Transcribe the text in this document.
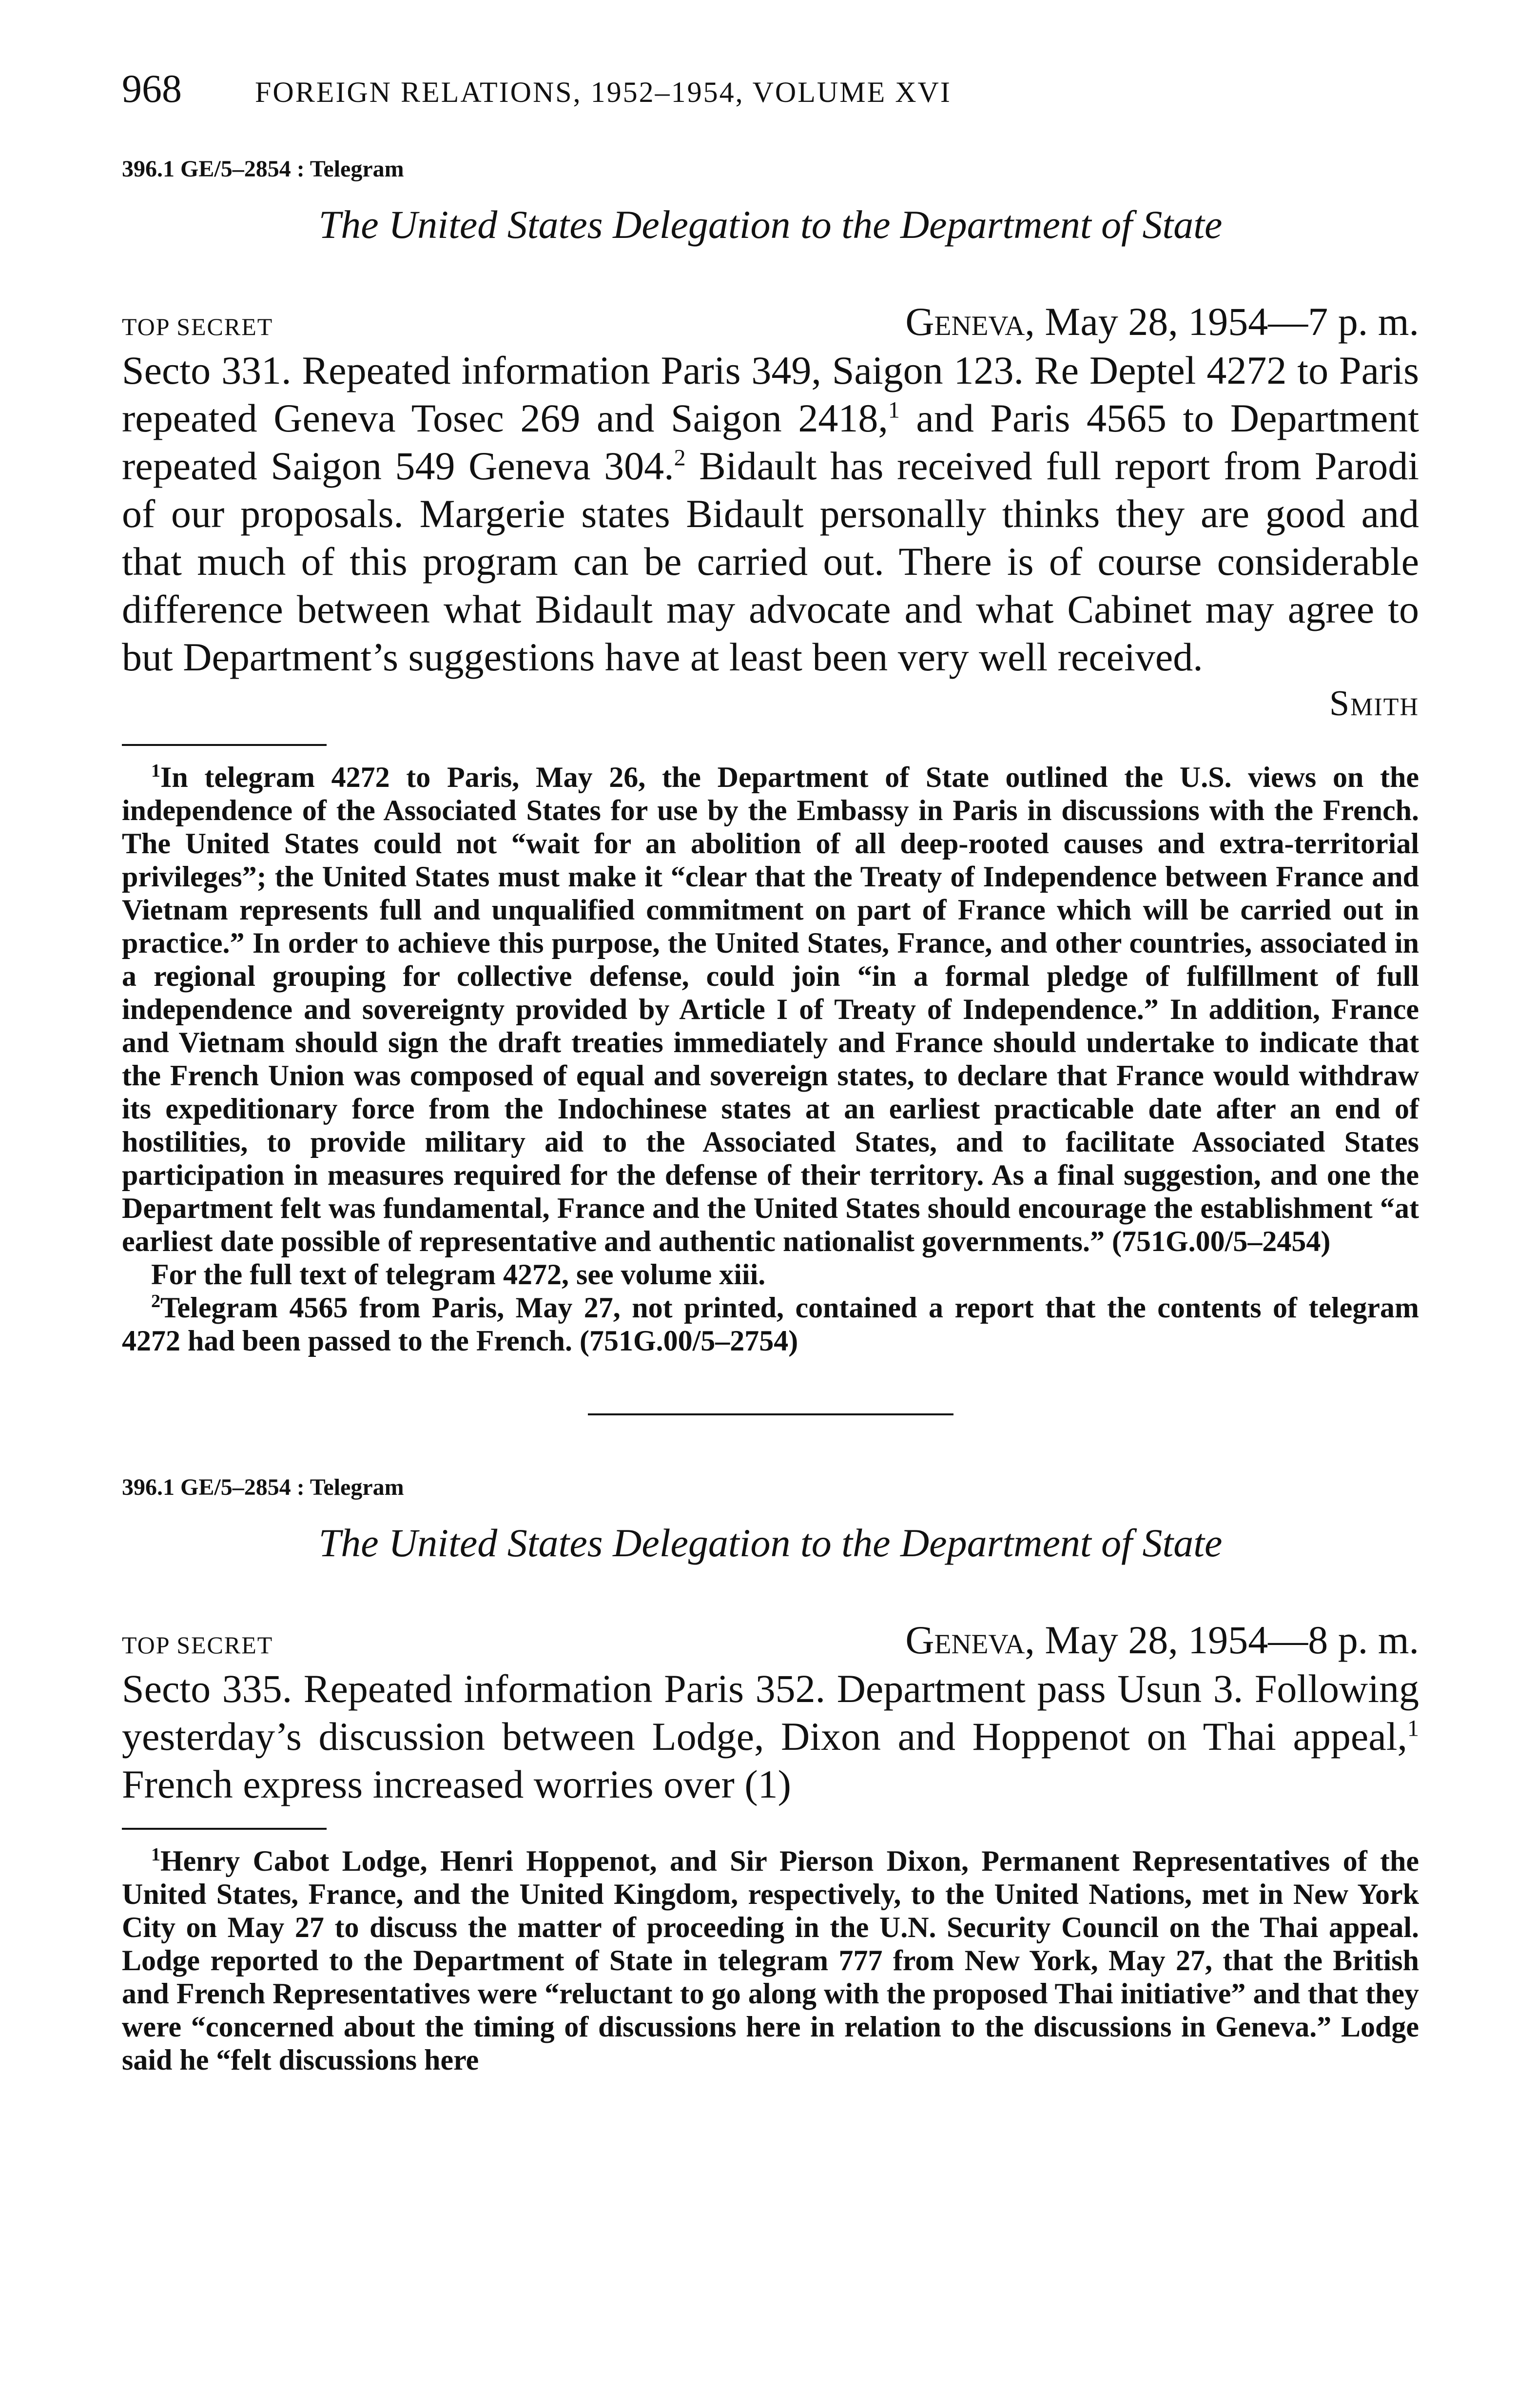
968	FOREIGN RELATIONS, 1952–1954, VOLUME XVI
396.1 GE/5–2854 : Telegram
The United States Delegation to the Department of State
TOP SECRET	Geneva, May 28, 1954—7 p. m.

Secto 331. Repeated information Paris 349, Saigon 123. Re Deptel 4272 to Paris repeated Geneva Tosec 269 and Saigon 2418,$^1$ and Paris 4565 to Department repeated Saigon 549 Geneva 304.$^2$ Bidault has received full report from Parodi of our proposals. Margerie states Bidault personally thinks they are good and that much of this program can be carried out. There is of course considerable difference between what Bidault may advocate and what Cabinet may agree to but Department’s suggestions have at least been very well received.

Smith

$^1$In telegram 4272 to Paris, May 26, the Department of State outlined the U.S. views on the independence of the Associated States for use by the Embassy in Paris in discussions with the French. The United States could not “wait for an abolition of all deep-rooted causes and extra-territorial privileges”; the United States must make it “clear that the Treaty of Independence between France and Vietnam represents full and unqualified commitment on part of France which will be carried out in practice.” In order to achieve this purpose, the United States, France, and other countries, associated in a regional grouping for collective defense, could join “in a formal pledge of fulfillment of full independence and sovereignty provided by Article I of Treaty of Independence.” In addition, France and Vietnam should sign the draft treaties immediately and France should undertake to indicate that the French Union was composed of equal and sovereign states, to declare that France would withdraw its expeditionary force from the Indochinese states at an earliest practicable date after an end of hostilities, to provide military aid to the Associated States, and to facilitate Associated States participation in measures required for the defense of their territory. As a final suggestion, and one the Department felt was fundamental, France and the United States should encourage the establishment “at earliest date possible of representative and authentic nationalist governments.” (751G.00/5–2454)

For the full text of telegram 4272, see volume xiii.

$^2$Telegram 4565 from Paris, May 27, not printed, contained a report that the contents of telegram 4272 had been passed to the French. (751G.00/5–2754)

396.1 GE/5–2854 : Telegram
The United States Delegation to the Department of State
TOP SECRET	Geneva, May 28, 1954—8 p. m.

Secto 335. Repeated information Paris 352. Department pass Usun 3. Following yesterday’s discussion between Lodge, Dixon and Hoppenot on Thai appeal,$^1$ French express increased worries over (1)

$^1$Henry Cabot Lodge, Henri Hoppenot, and Sir Pierson Dixon, Permanent Representatives of the United States, France, and the United Kingdom, respectively, to the United Nations, met in New York City on May 27 to discuss the matter of proceeding in the U.N. Security Council on the Thai appeal. Lodge reported to the Department of State in telegram 777 from New York, May 27, that the British and French Representatives were “reluctant to go along with the proposed Thai initiative” and that they were “concerned about the timing of discussions here in relation to the discussions in Geneva.” Lodge said he “felt discussions here
